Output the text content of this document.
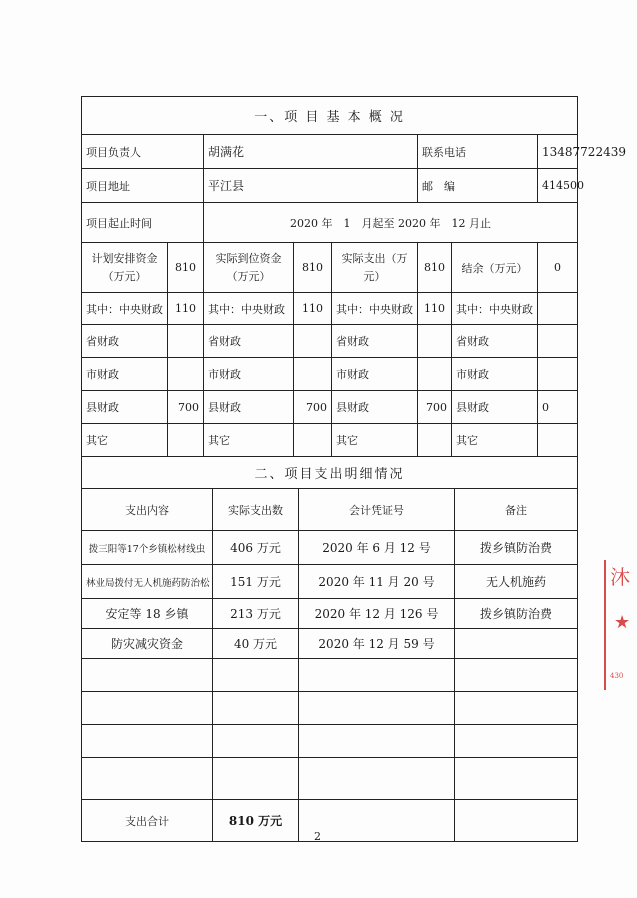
一、项 目 基 本 概 况							
项目负责人		胡满花			联系电话		13487722439
项目地址		平江县			邮　编		414500
项目起止时间		2020 年　1　月起至 2020 年　12 月止					
计划安排资金（万元）	810	实际到位资金（万元）	810	实际支出（万元）	810	结余（万元）	0
其中：中央财政	110	其中：中央财政	110	其中：中央财政	110	其中：中央财政	
省财政		省财政		省财政		省财政	
市财政		市财政		市财政		市财政	
县财政	700	县财政	700	县财政	700	县财政	0
其它		其它		其它		其它	
二、项目支出明细情况			
支出内容	实际支出数	会计凭证号	备注
拨三阳等17个乡镇松材线虫	406 万元	2020 年 6 月 12 号	拨乡镇防治费
林业局拨付无人机施药防治松	151 万元	2020 年 11 月 20 号	无人机施药
安定等 18 乡镇	213 万元	2020 年 12 月 126 号	拨乡镇防治费
防灾减灾资金	40 万元	2020 年 12 月 59 号	

支出合计	810 万元		
2
沐
★
430
